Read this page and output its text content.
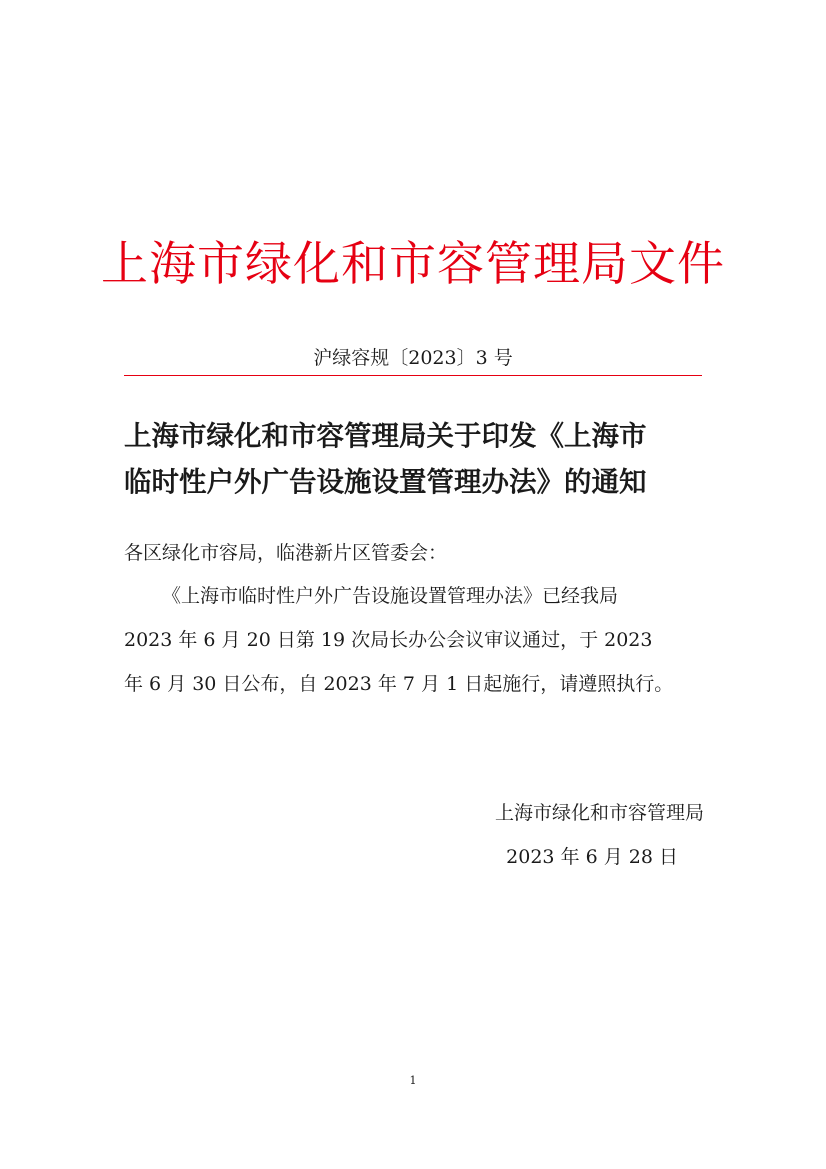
上海市绿化和市容管理局文件
沪绿容规〔2023〕3 号
上海市绿化和市容管理局关于印发《上海市
临时性户外广告设施设置管理办法》的通知
各区绿化市容局，临港新片区管委会：
《上海市临时性户外广告设施设置管理办法》已经我局
2023 年 6 月 20 日第 19 次局长办公会议审议通过，于 2023
年 6 月 30 日公布，自 2023 年 7 月 1 日起施行，请遵照执行。
上海市绿化和市容管理局
2023 年 6 月 28 日
1
